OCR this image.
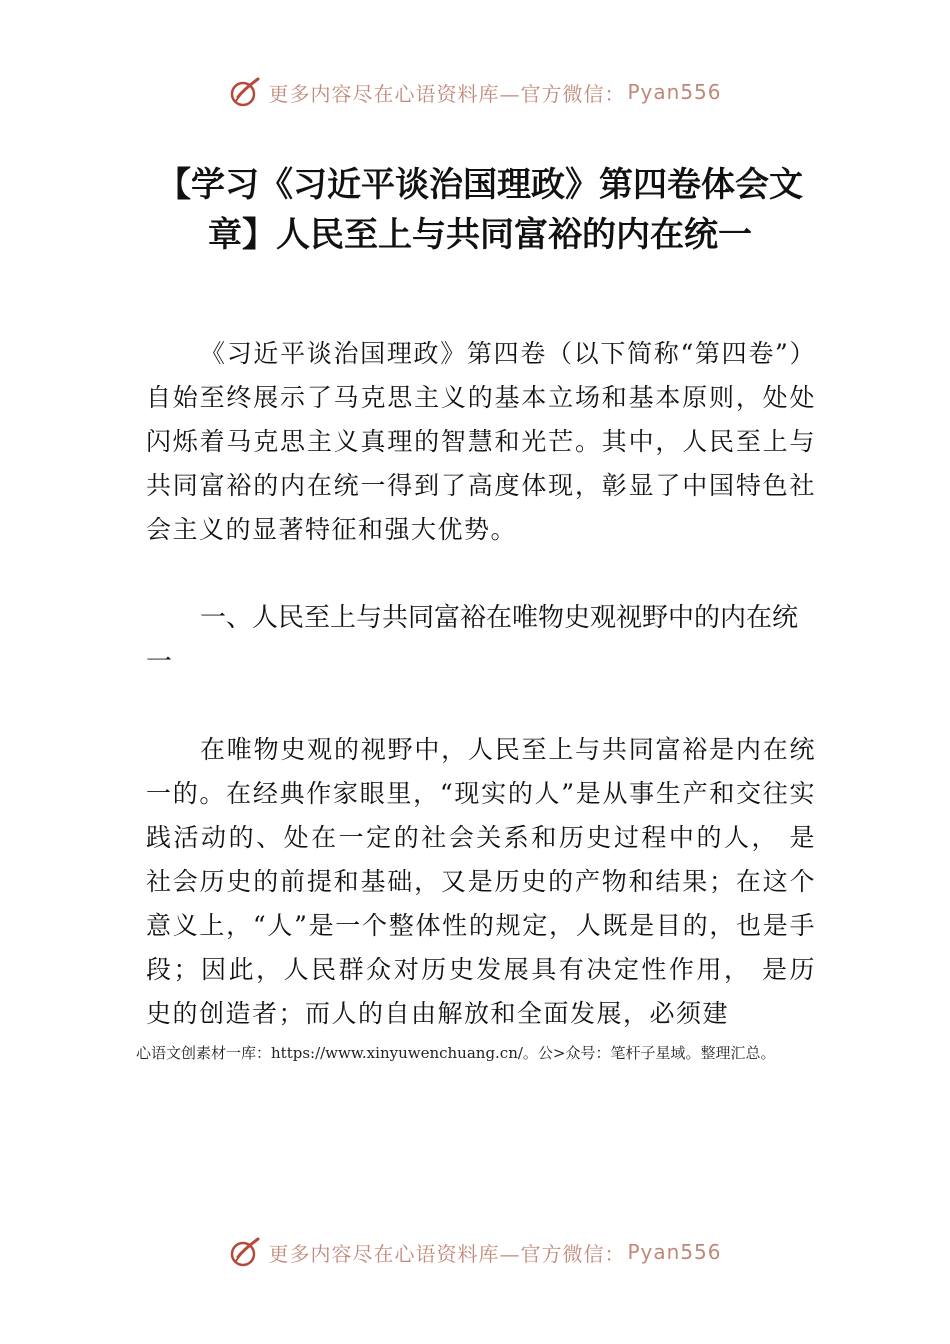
更多内容尽在心语资料库—官方微信： Pyan556
【学习《习近平谈治国理政》第四卷体会文章】人民至上与共同富裕的内在统一

《习近平谈治国理政》第四卷（以下简称“第四卷”）自始至终展示了马克思主义的基本立场和基本原则，处处闪烁着马克思主义真理的智慧和光芒。其中，人民至上与共同富裕的内在统一得到了高度体现，彰显了中国特色社会主义的显著特征和强大优势。

一、人民至上与共同富裕在唯物史观视野中的内在统一

在唯物史观的视野中，人民至上与共同富裕是内在统一的。在经典作家眼里，“现实的人”是从事生产和交往实践活动的、处在一定的社会关系和历史过程中的人， 是社会历史的前提和基础，又是历史的产物和结果；在这个意义上，“人”是一个整体性的规定，人既是目的，也是手段；因此，人民群众对历史发展具有决定性作用， 是历史的创造者；而人的自由解放和全面发展，必须建

心语文创素材一库：https://www.xinyuwenchuang.cn/。公>众号：笔杆子星域。整理汇总。
更多内容尽在心语资料库—官方微信： Pyan556
